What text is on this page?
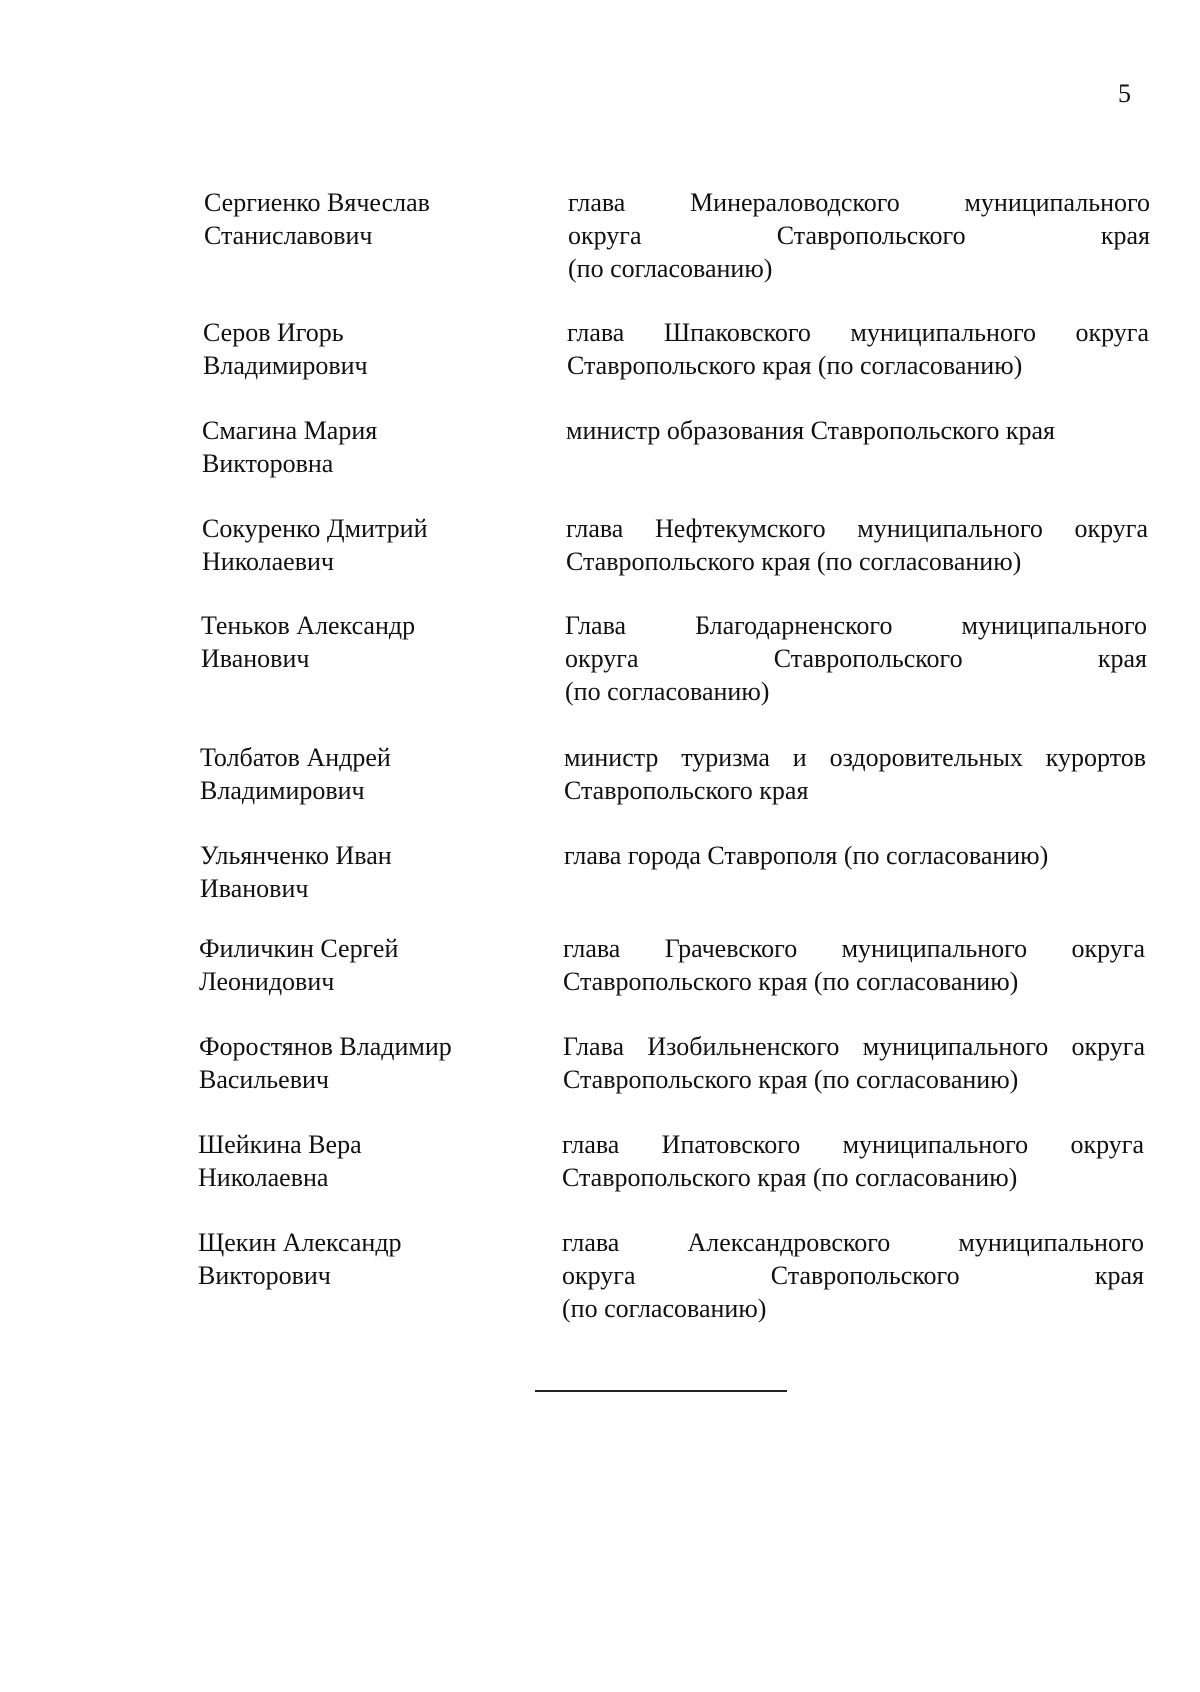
5
Сергиенко Вячеслав
Станиславович
глава Минераловодского муниципального
округа Ставропольского края
(по согласованию)
Серов Игорь
Владимирович
глава Шпаковского муниципального округа
Ставропольского края (по согласованию)
Смагина Мария
Викторовна
министр образования Ставропольского края
Сокуренко Дмитрий
Николаевич
глава Нефтекумского муниципального округа
Ставропольского края (по согласованию)
Теньков Александр
Иванович
Глава Благодарненского муниципального
округа Ставропольского края
(по согласованию)
Толбатов Андрей
Владимирович
министр туризма и оздоровительных курортов
Ставропольского края
Ульянченко Иван
Иванович
глава города Ставрополя (по согласованию)
Филичкин Сергей
Леонидович
глава Грачевского муниципального округа
Ставропольского края (по согласованию)
Форостянов Владимир
Васильевич
Глава Изобильненского муниципального округа
Ставропольского края (по согласованию)
Шейкина Вера
Николаевна
глава Ипатовского муниципального округа
Ставропольского края (по согласованию)
Щекин Александр
Викторович
глава Александровского муниципального
округа Ставропольского края
(по согласованию)
